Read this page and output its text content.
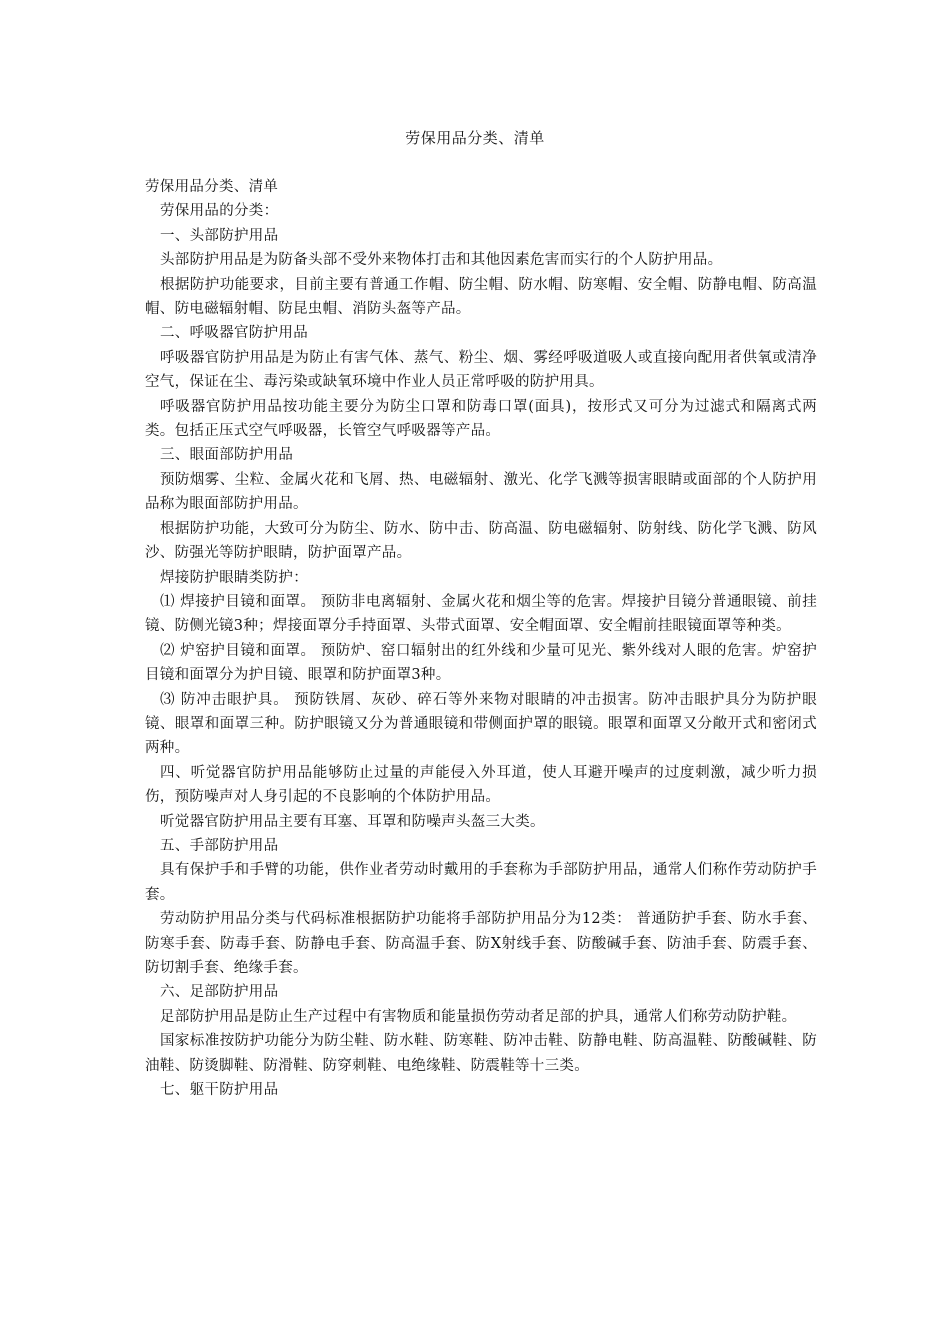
劳保用品分类、清单

劳保用品分类、清单

劳保用品的分类：

一、头部防护用品

头部防护用品是为防备头部不受外来物体打击和其他因素危害而实行的个人防护用品。

根据防护功能要求，目前主要有普通工作帽、防尘帽、防水帽、防寒帽、安全帽、防静电帽、防高温帽、防电磁辐射帽、防昆虫帽、消防头盔等产品。

二、呼吸器官防护用品

呼吸器官防护用品是为防止有害气体、蒸气、粉尘、烟、雾经呼吸道吸人或直接向配用者供氧或清净空气，保证在尘、毒污染或缺氧环境中作业人员正常呼吸的防护用具。

呼吸器官防护用品按功能主要分为防尘口罩和防毒口罩(面具)，按形式又可分为过滤式和隔离式两类。包括正压式空气呼吸器，长管空气呼吸器等产品。

三、眼面部防护用品

预防烟雾、尘粒、金属火花和飞屑、热、电磁辐射、激光、化学飞溅等损害眼睛或面部的个人防护用品称为眼面部防护用品。

根据防护功能，大致可分为防尘、防水、防中击、防高温、防电磁辐射、防射线、防化学飞溅、防风沙、防强光等防护眼睛，防护面罩产品。

焊接防护眼睛类防护：

⑴ 焊接护目镜和面罩。 预防非电离辐射、金属火花和烟尘等的危害。焊接护目镜分普通眼镜、前挂镜、防侧光镜3种；焊接面罩分手持面罩、头带式面罩、安全帽面罩、安全帽前挂眼镜面罩等种类。

⑵ 炉窑护目镜和面罩。 预防炉、窑口辐射出的红外线和少量可见光、紫外线对人眼的危害。炉窑护目镜和面罩分为护目镜、眼罩和防护面罩3种。

⑶ 防冲击眼护具。 预防铁屑、灰砂、碎石等外来物对眼睛的冲击损害。防冲击眼护具分为防护眼镜、眼罩和面罩三种。防护眼镜又分为普通眼镜和带侧面护罩的眼镜。眼罩和面罩又分敞开式和密闭式两种。

四、听觉器官防护用品能够防止过量的声能侵入外耳道，使人耳避开噪声的过度刺激，减少听力损伤，预防噪声对人身引起的不良影响的个体防护用品。

听觉器官防护用品主要有耳塞、耳罩和防噪声头盔三大类。

五、手部防护用品

具有保护手和手臂的功能，供作业者劳动时戴用的手套称为手部防护用品，通常人们称作劳动防护手套。

劳动防护用品分类与代码标准根据防护功能将手部防护用品分为12类： 普通防护手套、防水手套、防寒手套、防毒手套、防静电手套、防高温手套、防X射线手套、防酸碱手套、防油手套、防震手套、防切割手套、绝缘手套。

六、足部防护用品

足部防护用品是防止生产过程中有害物质和能量损伤劳动者足部的护具，通常人们称劳动防护鞋。

国家标准按防护功能分为防尘鞋、防水鞋、防寒鞋、防冲击鞋、防静电鞋、防高温鞋、防酸碱鞋、防油鞋、防烫脚鞋、防滑鞋、防穿刺鞋、电绝缘鞋、防震鞋等十三类。

七、躯干防护用品
